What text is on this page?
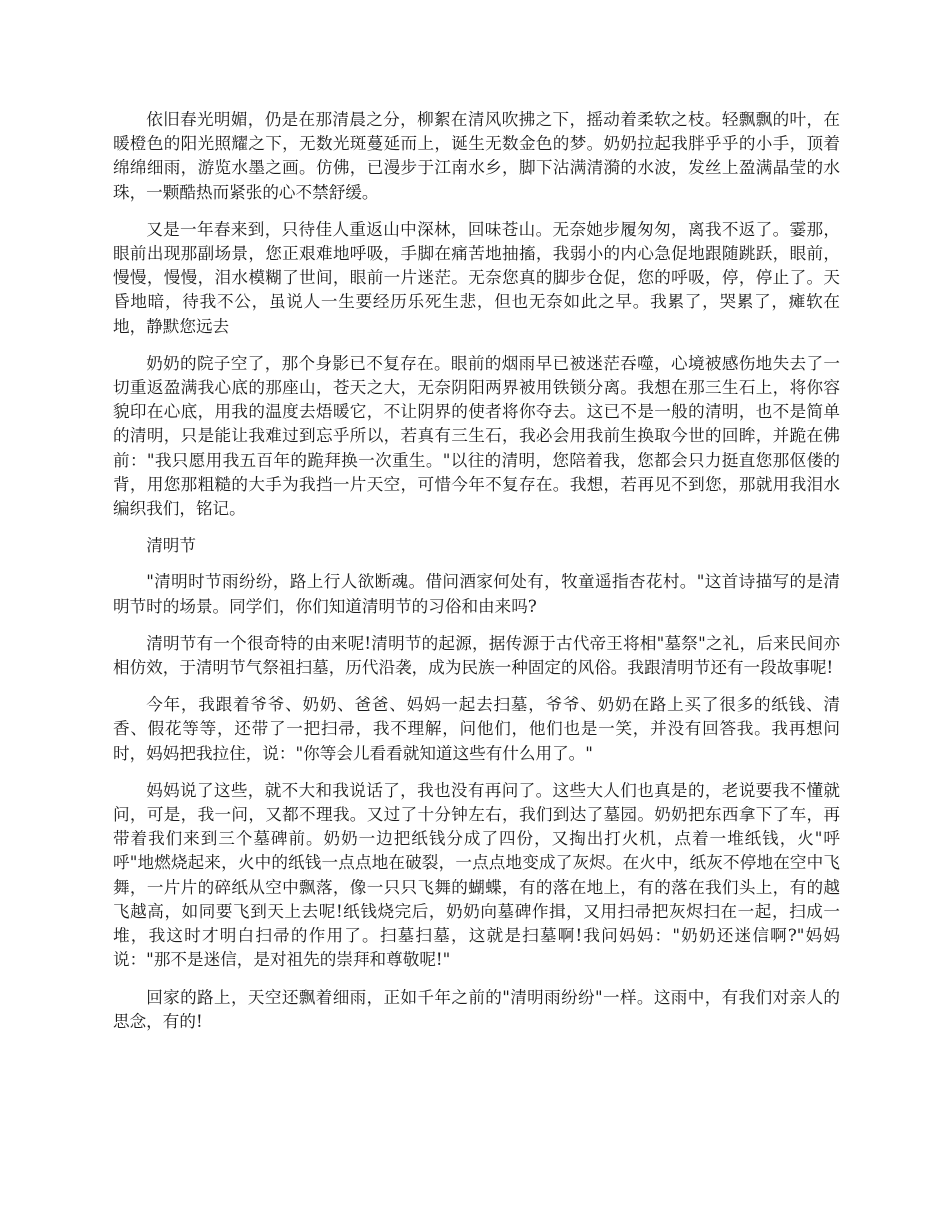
依旧春光明媚，仍是在那清晨之分，柳絮在清风吹拂之下，摇动着柔软之枝。轻飘飘的叶，在暖橙色的阳光照耀之下，无数光斑蔓延而上，诞生无数金色的梦。奶奶拉起我胖乎乎的小手，顶着绵绵细雨，游览水墨之画。仿佛，已漫步于江南水乡，脚下沾满清漪的水波，发丝上盈满晶莹的水珠，一颗酷热而紧张的心不禁舒缓。

又是一年春来到，只待佳人重返山中深林，回味苍山。无奈她步履匆匆，离我不返了。霎那，眼前出现那副场景，您正艰难地呼吸，手脚在痛苦地抽搐，我弱小的内心急促地跟随跳跃，眼前，慢慢，慢慢，泪水模糊了世间，眼前一片迷茫。无奈您真的脚步仓促，您的呼吸，停，停止了。天昏地暗，待我不公，虽说人一生要经历乐死生悲，但也无奈如此之早。我累了，哭累了，瘫软在地，静默您远去

奶奶的院子空了，那个身影已不复存在。眼前的烟雨早已被迷茫吞噬，心境被感伤地失去了一切重返盈满我心底的那座山，苍天之大，无奈阴阳两界被用铁锁分离。我想在那三生石上，将你容貌印在心底，用我的温度去焐暖它，不让阴界的使者将你夺去。这已不是一般的清明，也不是简单的清明，只是能让我难过到忘乎所以，若真有三生石，我必会用我前生换取今世的回眸，并跪在佛前："我只愿用我五百年的跪拜换一次重生。"以往的清明，您陪着我，您都会只力挺直您那伛偻的背，用您那粗糙的大手为我挡一片天空，可惜今年不复存在。我想，若再见不到您，那就用我泪水编织我们，铭记。

清明节

"清明时节雨纷纷，路上行人欲断魂。借问酒家何处有，牧童遥指杏花村。"这首诗描写的是清明节时的场景。同学们，你们知道清明节的习俗和由来吗?

清明节有一个很奇特的由来呢!清明节的起源，据传源于古代帝王将相"墓祭"之礼，后来民间亦相仿效，于清明节气祭祖扫墓，历代沿袭，成为民族一种固定的风俗。我跟清明节还有一段故事呢!

今年，我跟着爷爷、奶奶、爸爸、妈妈一起去扫墓，爷爷、奶奶在路上买了很多的纸钱、清香、假花等等，还带了一把扫帚，我不理解，问他们，他们也是一笑，并没有回答我。我再想问时，妈妈把我拉住，说："你等会儿看看就知道这些有什么用了。"

妈妈说了这些，就不大和我说话了，我也没有再问了。这些大人们也真是的，老说要我不懂就问，可是，我一问，又都不理我。又过了十分钟左右，我们到达了墓园。奶奶把东西拿下了车，再带着我们来到三个墓碑前。奶奶一边把纸钱分成了四份，又掏出打火机，点着一堆纸钱，火"呼呼"地燃烧起来，火中的纸钱一点点地在破裂，一点点地变成了灰烬。在火中，纸灰不停地在空中飞舞，一片片的碎纸从空中飘落，像一只只飞舞的蝴蝶，有的落在地上，有的落在我们头上，有的越飞越高，如同要飞到天上去呢!纸钱烧完后，奶奶向墓碑作揖，又用扫帚把灰烬扫在一起，扫成一堆，我这时才明白扫帚的作用了。扫墓扫墓，这就是扫墓啊!我问妈妈："奶奶还迷信啊?"妈妈说："那不是迷信，是对祖先的崇拜和尊敬呢!"

回家的路上，天空还飘着细雨，正如千年之前的"清明雨纷纷"一样。这雨中，有我们对亲人的思念，有的!
